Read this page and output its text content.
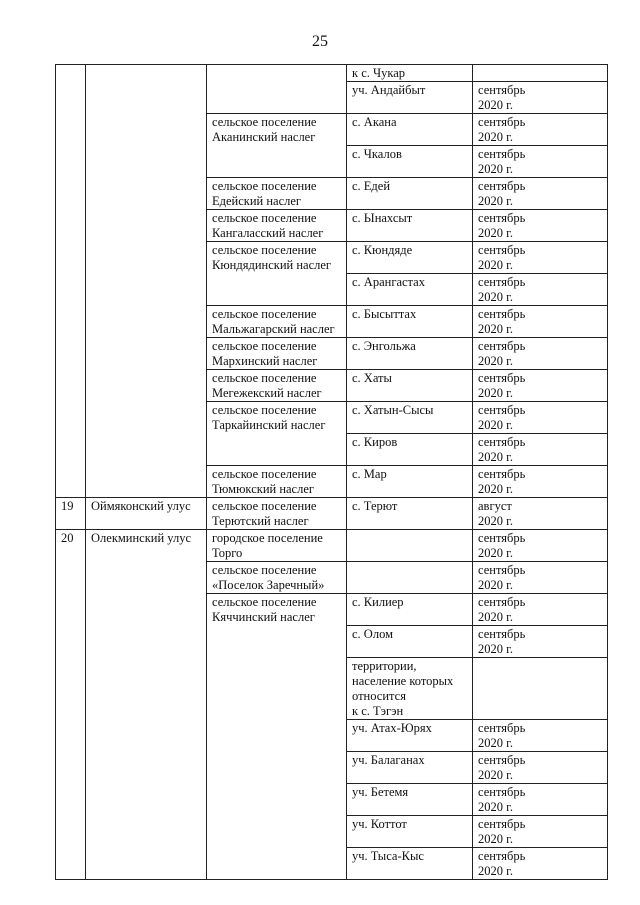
25
			к с. Чукар	
			уч. Андайбыт	сентябрь
2020 г.
		сельское поселение
Аканинский наслег	с. Акана	сентябрь
2020 г.
			с. Чкалов	сентябрь
2020 г.
		сельское поселение
Едейский наслег	с. Едей	сентябрь
2020 г.
		сельское поселение
Кангаласский наслег	с. Ынахсыт	сентябрь
2020 г.
		сельское поселение
Кюндядинский наслег	с. Кюндяде	сентябрь
2020 г.
			с. Арангастах	сентябрь
2020 г.
		сельское поселение
Мальжагарский наслег	с. Бысыттах	сентябрь
2020 г.
		сельское поселение
Мархинский наслег	с. Энгольжа	сентябрь
2020 г.
		сельское поселение
Мегежекский наслег	с. Хаты	сентябрь
2020 г.
		сельское поселение
Таркайинский наслег	с. Хатын-Сысы	сентябрь
2020 г.
			с. Киров	сентябрь
2020 г.
		сельское поселение
Тюмюкский наслег	с. Мар	сентябрь
2020 г.
19	Оймяконский улус	сельское поселение
Терютский наслег	с. Терют	август
2020 г.
20	Олекминский улус	городское поселение
Торго		сентябрь
2020 г.
		сельское поселение
«Поселок Заречный»		сентябрь
2020 г.
		сельское поселение
Кяччинский наслег	с. Килиер	сентябрь
2020 г.
			с. Олом	сентябрь
2020 г.
			территории,
население которых
относится
к с. Тэгэн	
			уч. Атах-Юрях	сентябрь
2020 г.
			уч. Балаганах	сентябрь
2020 г.
			уч. Бетемя	сентябрь
2020 г.
			уч. Коттот	сентябрь
2020 г.
			уч. Тыса-Кыс	сентябрь
2020 г.
